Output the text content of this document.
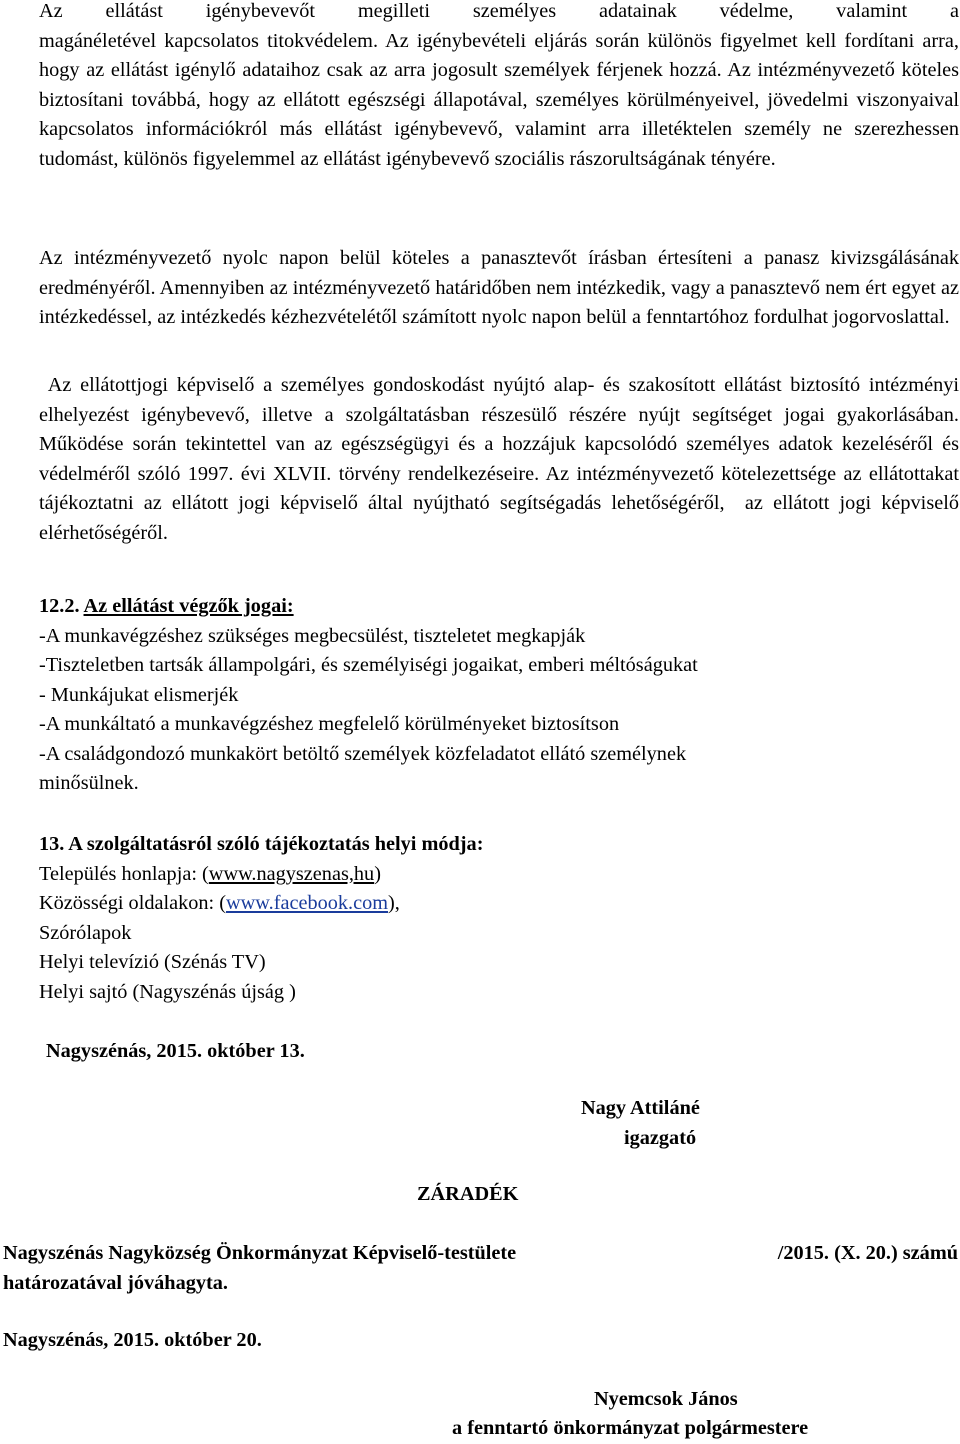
Az ellátást igénybevevőt megilleti személyes adatainak védelme, valamint a

magánéletével kapcsolatos titokvédelem. Az igénybevételi eljárás során különös figyelmet kell fordítani arra, hogy az ellátást igénylő adataihoz csak az arra jogosult személyek férjenek hozzá. Az intézményvezető köteles biztosítani továbbá, hogy az ellátott egészségi állapotával, személyes körülményeivel, jövedelmi viszonyaival kapcsolatos információkról más ellátást igénybevevő, valamint arra illetéktelen személy ne szerezhessen tudomást, különös figyelemmel az ellátást igénybevevő szociális rászorultságának tényére.

Az intézményvezető nyolc napon belül köteles a panasztevőt írásban értesíteni a panasz kivizsgálásának eredményéről. Amennyiben az intézményvezető határidőben nem intézkedik, vagy a panasztevő nem ért egyet az intézkedéssel, az intézkedés kézhezvételétől számított nyolc napon belül a fenntartóhoz fordulhat jogorvoslattal.

Az ellátottjogi képviselő a személyes gondoskodást nyújtó alap- és szakosított ellátást biztosító intézményi elhelyezést igénybevevő, illetve a szolgáltatásban részesülő részére nyújt segítséget jogai gyakorlásában. Működése során tekintettel van az egészségügyi és a hozzájuk kapcsolódó személyes adatok kezeléséről és védelméről szóló 1997. évi XLVII. törvény rendelkezéseire. Az intézményvezető kötelezettsége az ellátottakat tájékoztatni az ellátott jogi képviselő által nyújtható segítségadás lehetőségéről,  az ellátott jogi képviselő elérhetőségéről.

12.2. Az ellátást végzők jogai:

-A munkavégzéshez szükséges megbecsülést, tiszteletet megkapják
-Tiszteletben tartsák állampolgári, és személyiségi jogaikat, emberi méltóságukat
- Munkájukat elismerjék
-A munkáltató a munkavégzéshez megfelelő körülményeket biztosítson
-A családgondozó munkakört betöltő személyek közfeladatot ellátó személynek
minősülnek.

13. A szolgáltatásról szóló tájékoztatás helyi módja:

Település honlapja: (www.nagyszenas,hu)
Közösségi oldalakon: (www.facebook.com),
Szórólapok
Helyi televízió (Szénás TV)
Helyi sajtó (Nagyszénás újság )
Nagyszénás, 2015. október 13.
Nagy Attiláné
igazgató
ZÁRADÉK
Nagyszénás Nagyközség Önkormányzat Képviselő-testülete	/2015. (X. 20.) számú
határozatával jóváhagyta.
Nagyszénás, 2015. október 20.
Nyemcsok János
a fenntartó önkormányzat polgármestere
